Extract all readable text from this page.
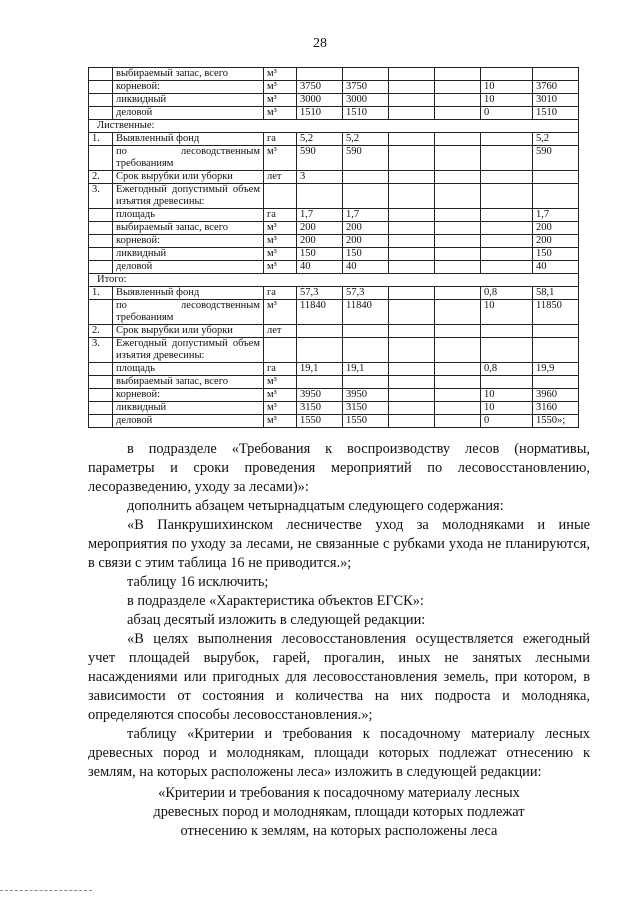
28
	выбираемый запас, всего	м³						
	корневой:	м³	3750	3750			10	3760
	ликвидный	м³	3000	3000			10	3010
	деловой	м³	1510	1510			0	1510
Лиственные:								
1.	Выявленный фонд	га	5,2	5,2				5,2

	по лесоводственным требованиям	м³	590	590				590
2.	Срок вырубки или уборки	лет	3					
3.	Ежегодный допустимый объем изъятия древесины:							

	площадь	га	1,7	1,7				1,7
	выбираемый запас, всего	м³	200	200				200
	корневой:	м³	200	200				200
	ликвидный	м³	150	150				150
	деловой	м³	40	40				40
Итого:								
1.	Выявленный фонд	га	57,3	57,3			0,8	58,1

	по лесоводственным требованиям	м³	11840	11840			10	11850
2.	Срок вырубки или уборки	лет						
3.	Ежегодный допустимый объем изъятия древесины:							

	площадь	га	19,1	19,1			0,8	19,9
	выбираемый запас, всего	м³						
	корневой:	м³	3950	3950			10	3960
	ликвидный	м³	3150	3150			10	3160
	деловой	м³	1550	1550			0	1550»;

в подразделе «Требования к воспроизводству лесов (нормативы, параметры и сроки проведения мероприятий по лесовосстановлению, лесоразведению, уходу за лесами)»:

дополнить абзацем четырнадцатым следующего содержания:

«В Панкрушихинском лесничестве уход за молодняками и иные мероприятия по уходу за лесами, не связанные с рубками ухода не планируются, в связи с этим таблица 16 не приводится.»;

таблицу 16 исключить;

в подразделе «Характеристика объектов ЕГСК»:

абзац десятый изложить в следующей редакции:

«В целях выполнения лесовосстановления осуществляется ежегодный учет площадей вырубок, гарей, прогалин, иных не занятых лесными насаждениями или пригодных для лесовосстановления земель, при котором, в зависимости от состояния и количества на них подроста и молодняка, определяются способы лесовосстановления.»;

таблицу «Критерии и требования к посадочному материалу лесных древесных пород и молоднякам, площади которых подлежат отнесению к землям, на которых расположены леса» изложить в следующей редакции:

«Критерии и требования к посадочному материалу лесных древесных пород и молоднякам, площади которых подлежат отнесению к землям, на которых расположены леса
